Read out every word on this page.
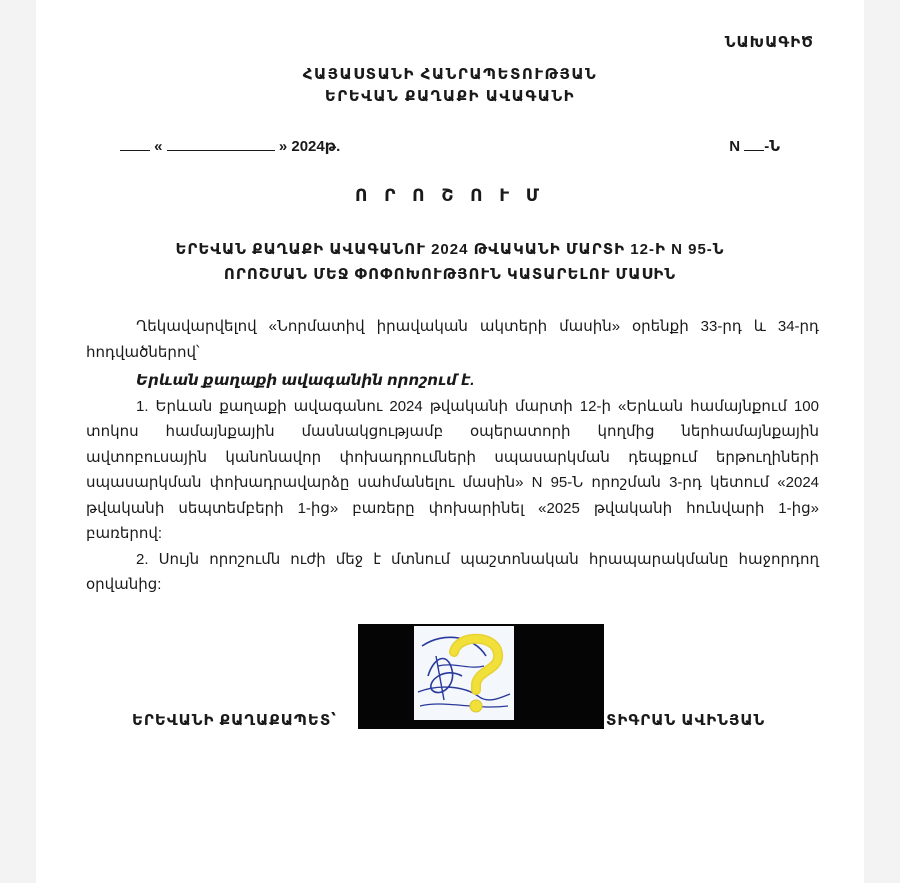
ՆԱԽԱԳԻԾ
ՀԱՅԱՍՏԱՆԻ ՀԱՆՐԱՊԵՏՈՒԹՅԱՆ
ԵՐԵՎԱՆ ՔԱՂԱՔԻ ԱՎԱԳԱՆԻ
«	» 2024թ.	N -Ն
Ո Ր Ո Շ Ո Ւ Մ
ԵՐԵՎԱՆ ՔԱՂԱՔԻ ԱՎԱԳԱՆՈՒ 2024 ԹՎԱԿԱՆԻ ՄԱՐՏԻ 12-Ի N 95-Ն
ՈՐՈՇՄԱՆ ՄԵՋ ՓՈՓՈԽՈՒԹՅՈՒՆ ԿԱՏԱՐԵԼՈՒ ՄԱՍԻՆ

Ղեկավարվելով «Նորմատիվ իրավական ակտերի մասին» օրենքի 33-րդ և 34-րդ հոդվածներով՝

Երևան քաղաքի ավագանին որոշում է.

1. Երևան քաղաքի ավագանու 2024 թվականի մարտի 12-ի «Երևան համայնքում 100 տոկոս համայնքային մասնակցությամբ օպերատորի կողմից ներհամայնքային ավտոբուսային կանոնավոր փոխադրումների սպասարկման դեպքում երթուղիների սպասարկման փոխադրավարձը սահմանելու մասին» N 95-Ն որոշման 3-րդ կետում «2024 թվականի սեպտեմբերի 1-ից» բառերը փոխարինել «2025 թվականի հունվարի 1-ից» բառերով:

2. Սույն որոշումն ուժի մեջ է մտնում պաշտոնական հրապարակմանը հաջորդող օրվանից:

ԵՐԵՎԱՆԻ ՔԱՂԱՔԱՊԵՏ՝	ՏԻԳՐԱՆ ԱՎԻՆՅԱՆ
